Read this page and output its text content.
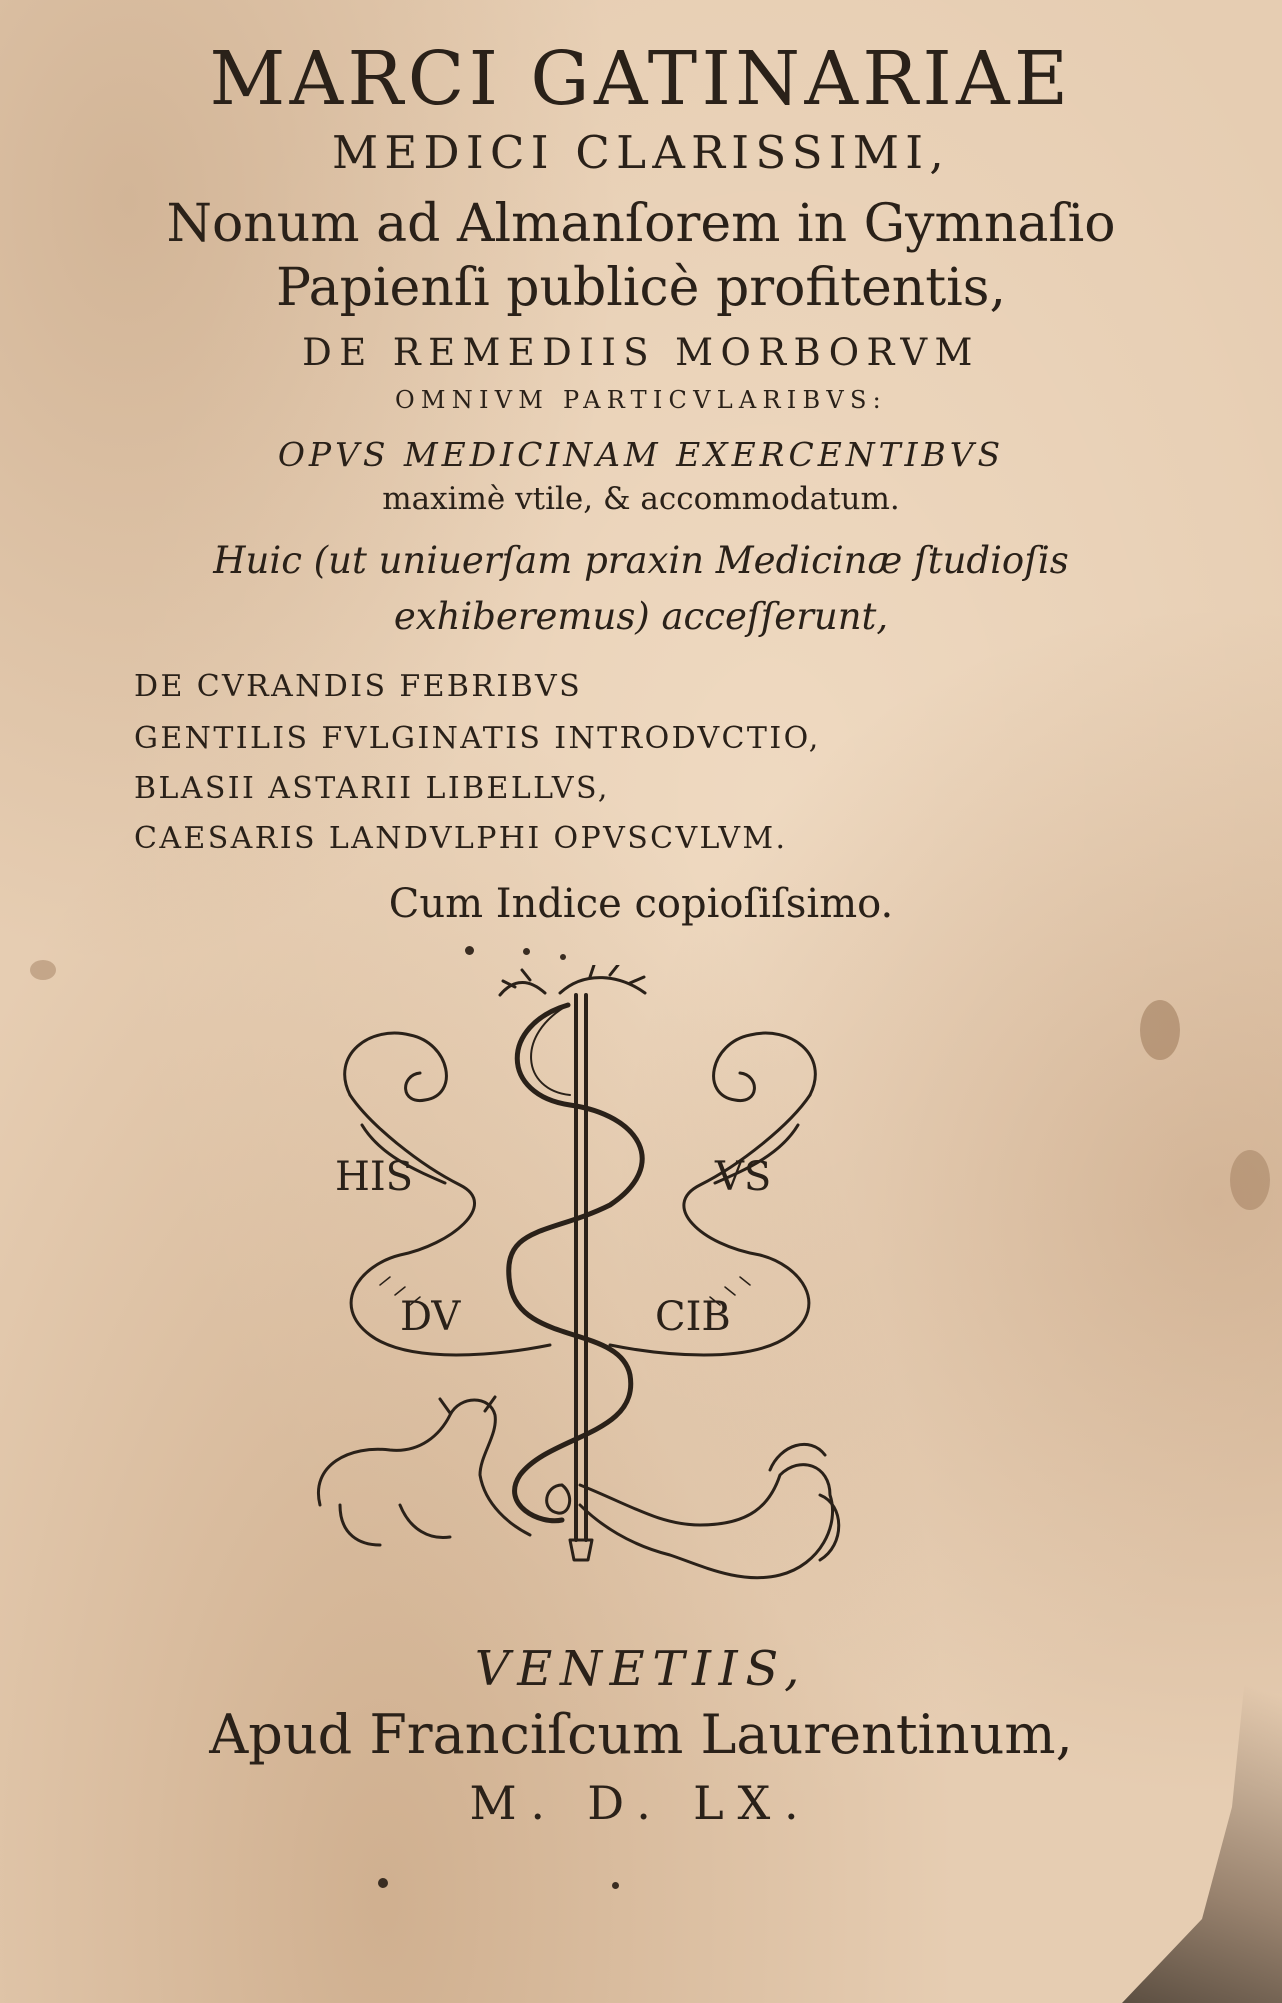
MARCI GATINARIAE
MEDICI CLARISSIMI,
Nonum ad Almanſorem in Gymnaſio
Papienſi publicè profitentis,
DE REMEDIIS MORBORVM
OMNIVM PARTICVLARIBVS:
OPVS MEDICINAM EXERCENTIBVS
maximè vtile, & accommodatum.
Huic (ut uniuerſam praxin Medicinæ ſtudioſis
exhiberemus) acceſſerunt,
DE CVRANDIS FEBRIBVS
GENTILIS FVLGINATIS INTRODVCTIO,
BLASII ASTARII LIBELLVS,
CAESARIS LANDVLPHI OPVSCVLVM.
Cum Indice copioſiſsimo.
HIS	VS
DV	CIB
VENETIIS,
Apud Franciſcum Laurentinum,
M. D. LX.
